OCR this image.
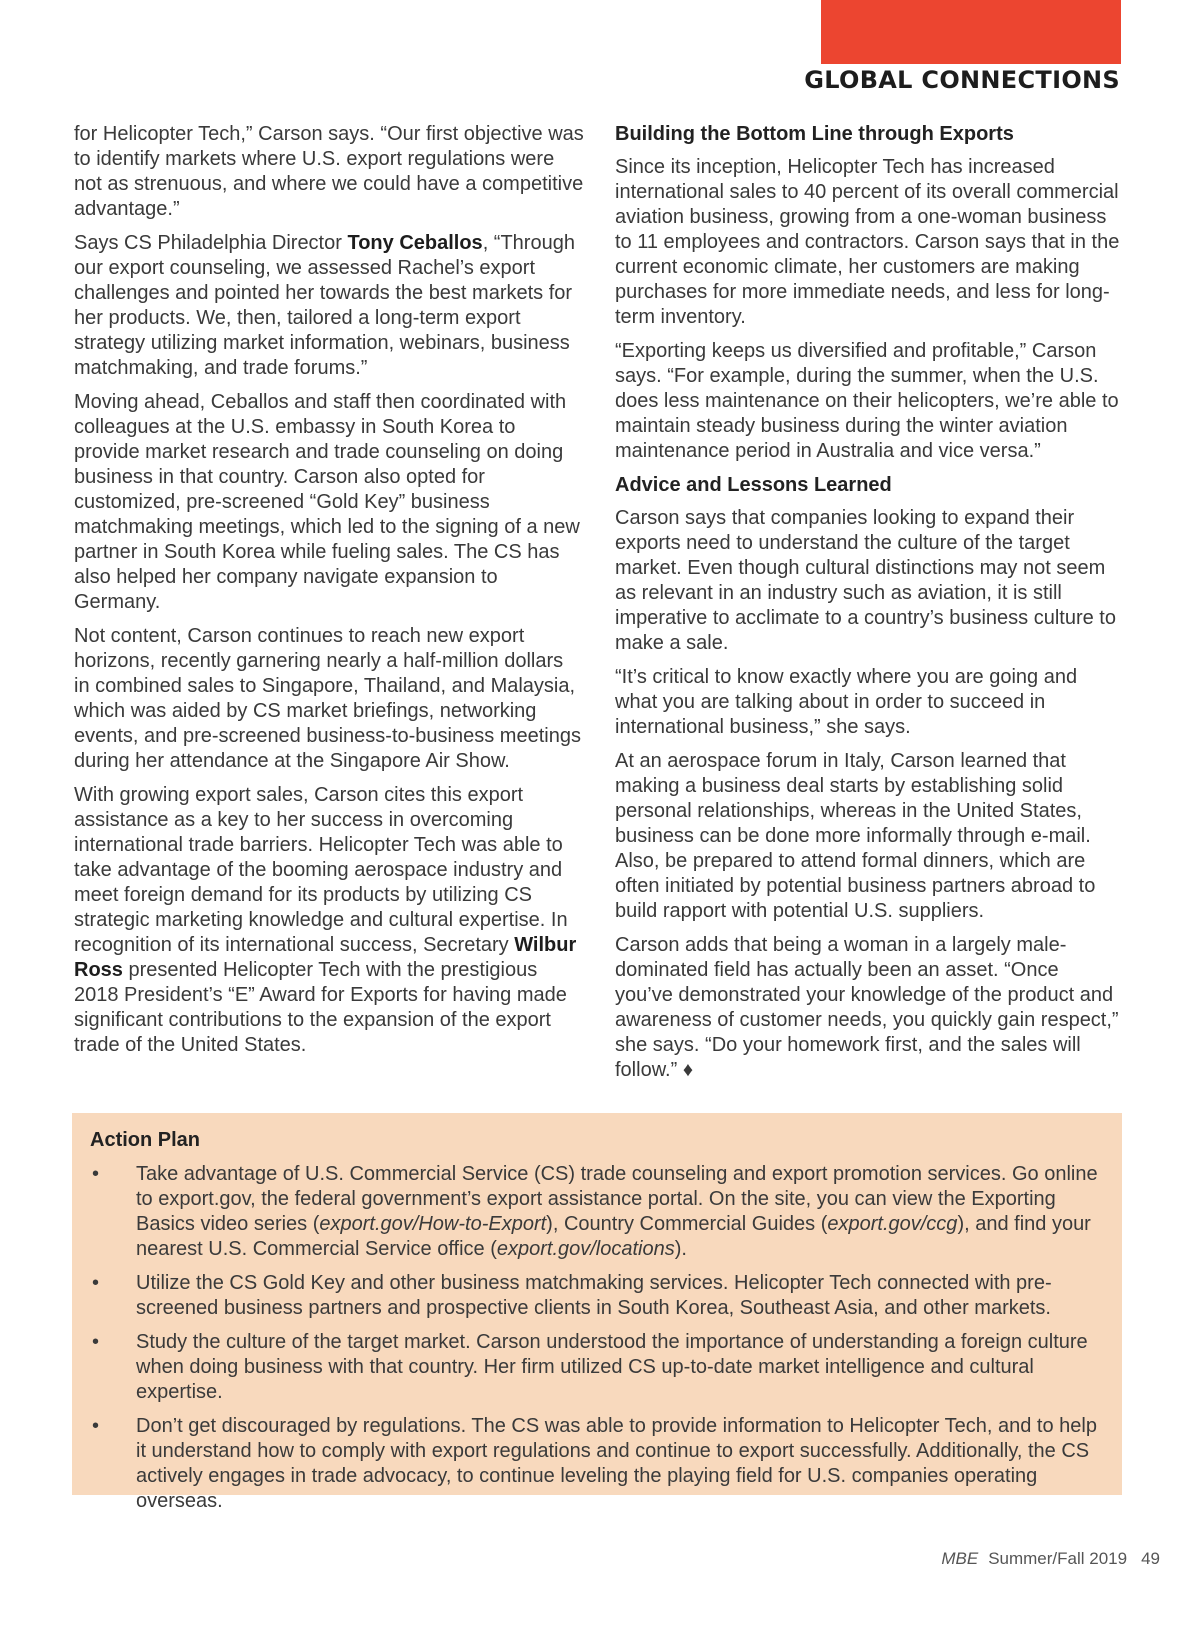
GLOBAL CONNECTIONS

for Helicopter Tech,” Carson says. “Our first objective was to identify markets where U.S. export regulations were not as strenuous, and where we could have a competitive advantage.”

Says CS Philadelphia Director Tony Ceballos, “Through our export counseling, we assessed Rachel’s export challenges and pointed her towards the best markets for her products. We, then, tailored a long-term export strategy utilizing market information, webinars, business matchmaking, and trade forums.”

Moving ahead, Ceballos and staff then coordinated with colleagues at the U.S. embassy in South Korea to provide market research and trade counseling on doing business in that country. Carson also opted for customized, pre-screened “Gold Key” business matchmaking meetings, which led to the signing of a new partner in South Korea while fueling sales. The CS has also helped her company navigate expansion to Germany.

Not content, Carson continues to reach new export horizons, recently garnering nearly a half-million dollars in combined sales to Singapore, Thailand, and Malaysia, which was aided by CS market briefings, networking events, and pre-screened business-to-business meetings during her attendance at the Singapore Air Show.

With growing export sales, Carson cites this export assistance as a key to her success in overcoming international trade barriers. Helicopter Tech was able to take advantage of the booming aerospace industry and meet foreign demand for its products by utilizing CS strategic marketing knowledge and cultural expertise. In recognition of its international success, Secretary Wilbur Ross presented Helicopter Tech with the prestigious 2018 President’s “E” Award for Exports for having made significant contributions to the expansion of the export trade of the United States.

Building the Bottom Line through Exports

Since its inception, Helicopter Tech has increased international sales to 40 percent of its overall commercial aviation business, growing from a one-woman business to 11 employees and contractors. Carson says that in the current economic climate, her customers are making purchases for more immediate needs, and less for long-term inventory.

“Exporting keeps us diversified and profitable,” Carson says. “For example, during the summer, when the U.S. does less maintenance on their helicopters, we’re able to maintain steady business during the winter aviation maintenance period in Australia and vice versa.”

Advice and Lessons Learned

Carson says that companies looking to expand their exports need to understand the culture of the target market. Even though cultural distinctions may not seem as relevant in an industry such as aviation, it is still imperative to acclimate to a country’s business culture to make a sale.

“It’s critical to know exactly where you are going and what you are talking about in order to succeed in international business,” she says.

At an aerospace forum in Italy, Carson learned that making a business deal starts by establishing solid personal relationships, whereas in the United States, business can be done more informally through e-mail. Also, be prepared to attend formal dinners, which are often initiated by potential business partners abroad to build rapport with potential U.S. suppliers.

Carson adds that being a woman in a largely male-dominated field has actually been an asset. “Once you’ve demonstrated your knowledge of the product and awareness of customer needs, you quickly gain respect,” she says. “Do your homework first, and the sales will follow.” ♦

Action Plan
• Take advantage of U.S. Commercial Service (CS) trade counseling and export promotion services. Go online to export.gov, the federal government’s export assistance portal. On the site, you can view the Exporting Basics video series (export.gov/How-to-Export), Country Commercial Guides (export.gov/ccg), and find your nearest U.S. Commercial Service office (export.gov/locations).
• Utilize the CS Gold Key and other business matchmaking services. Helicopter Tech connected with pre-screened business partners and prospective clients in South Korea, Southeast Asia, and other markets.
• Study the culture of the target market. Carson understood the importance of understanding a foreign culture when doing business with that country. Her firm utilized CS up-to-date market intelligence and cultural expertise.
• Don’t get discouraged by regulations. The CS was able to provide information to Helicopter Tech, and to help it understand how to comply with export regulations and continue to export successfully. Additionally, the CS actively engages in trade advocacy, to continue leveling the playing field for U.S. companies operating overseas.
MBE Summer/Fall 2019 49
